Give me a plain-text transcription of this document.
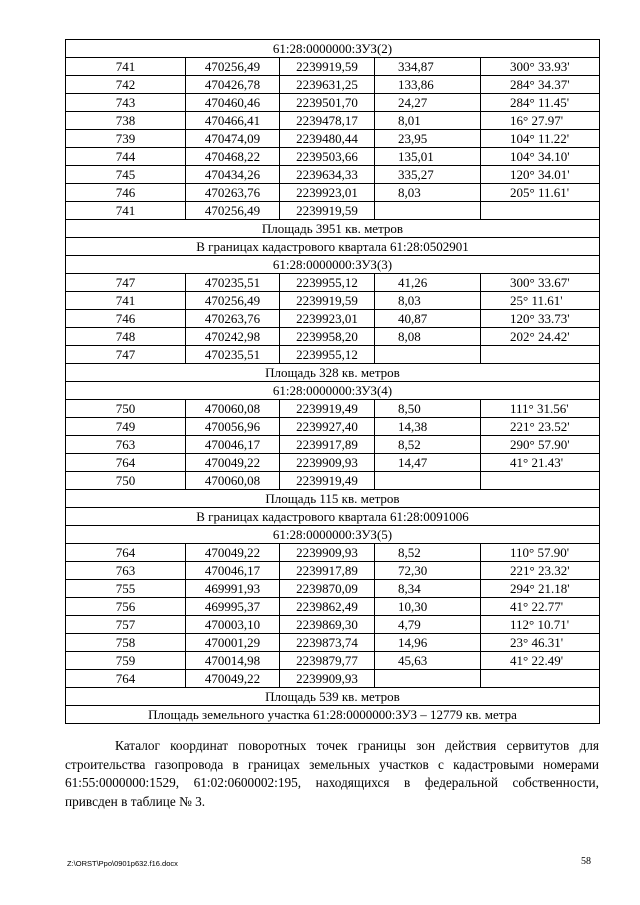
61:28:0000000:ЗУЗ(2)				
741	470256,49	2239919,59	334,87	300° 33.93'
742	470426,78	2239631,25	133,86	284° 34.37'
743	470460,46	2239501,70	24,27	284° 11.45'
738	470466,41	2239478,17	8,01	16° 27.97'
739	470474,09	2239480,44	23,95	104° 11.22'
744	470468,22	2239503,66	135,01	104° 34.10'
745	470434,26	2239634,33	335,27	120° 34.01'
746	470263,76	2239923,01	8,03	205° 11.61'
741	470256,49	2239919,59		
Площадь 3951 кв. метров				
В границах кадастрового квартала 61:28:0502901				
61:28:0000000:ЗУЗ(3)				
747	470235,51	2239955,12	41,26	300° 33.67'
741	470256,49	2239919,59	8,03	25° 11.61'
746	470263,76	2239923,01	40,87	120° 33.73'
748	470242,98	2239958,20	8,08	202° 24.42'
747	470235,51	2239955,12		
Площадь 328 кв. метров				
61:28:0000000:ЗУЗ(4)				
750	470060,08	2239919,49	8,50	111° 31.56'
749	470056,96	2239927,40	14,38	221° 23.52'
763	470046,17	2239917,89	8,52	290° 57.90'
764	470049,22	2239909,93	14,47	41° 21.43'
750	470060,08	2239919,49		
Площадь 115 кв. метров				
В границах кадастрового квартала 61:28:0091006				
61:28:0000000:ЗУЗ(5)				
764	470049,22	2239909,93	8,52	110° 57.90'
763	470046,17	2239917,89	72,30	221° 23.32'
755	469991,93	2239870,09	8,34	294° 21.18'
756	469995,37	2239862,49	10,30	41° 22.77'
757	470003,10	2239869,30	4,79	112° 10.71'
758	470001,29	2239873,74	14,96	23° 46.31'
759	470014,98	2239879,77	45,63	41° 22.49'
764	470049,22	2239909,93		
Площадь 539 кв. метров				
Площадь земельного участка 61:28:0000000:ЗУЗ – 12779 кв. метра				

Каталог координат поворотных точек границы зон действия сервитутов для строительства газопровода в границах земельных участков с кадастровыми номерами 61:55:0000000:1529, 61:02:0600002:195, находящихся в федеральной собственности, привсден в таблице № 3.

Z:\ORST\Ppo\0901p632.f16.docx	58
